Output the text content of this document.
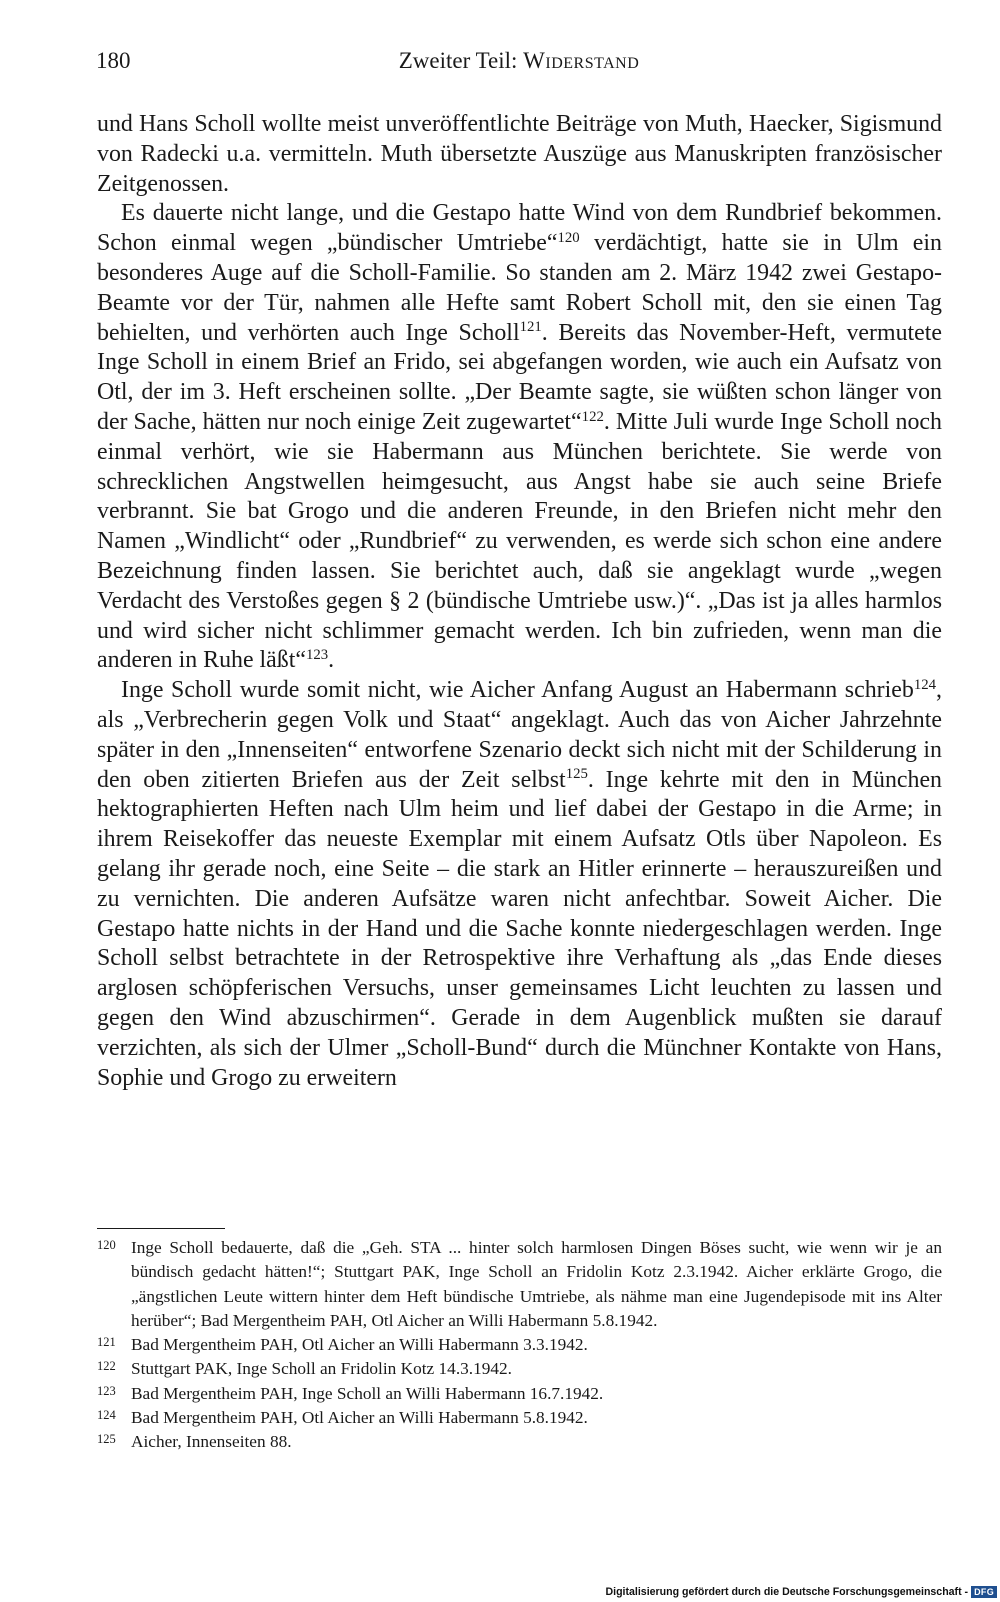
180	Zweiter Teil: Widerstand

und Hans Scholl wollte meist unveröffentlichte Beiträge von Muth, Haecker, Sigismund von Radecki u.a. vermitteln. Muth übersetzte Auszüge aus Manuskripten französischer Zeitgenossen.

Es dauerte nicht lange, und die Gestapo hatte Wind von dem Rundbrief bekommen. Schon einmal wegen „bündischer Umtriebe“$^{120}$ verdächtigt, hatte sie in Ulm ein besonderes Auge auf die Scholl-Familie. So standen am 2. März 1942 zwei Gestapo-Beamte vor der Tür, nahmen alle Hefte samt Robert Scholl mit, den sie einen Tag behielten, und verhörten auch Inge Scholl$^{121}$. Bereits das November-Heft, vermutete Inge Scholl in einem Brief an Frido, sei abgefangen worden, wie auch ein Aufsatz von Otl, der im 3. Heft erscheinen sollte. „Der Beamte sagte, sie wüßten schon länger von der Sache, hätten nur noch einige Zeit zugewartet“$^{122}$. Mitte Juli wurde Inge Scholl noch einmal verhört, wie sie Habermann aus München berichtete. Sie werde von schrecklichen Angstwellen heimgesucht, aus Angst habe sie auch seine Briefe verbrannt. Sie bat Grogo und die anderen Freunde, in den Briefen nicht mehr den Namen „Windlicht“ oder „Rundbrief“ zu verwenden, es werde sich schon eine andere Bezeichnung finden lassen. Sie berichtet auch, daß sie angeklagt wurde „wegen Verdacht des Verstoßes gegen § 2 (bündische Umtriebe usw.)“. „Das ist ja alles harmlos und wird sicher nicht schlimmer gemacht werden. Ich bin zufrieden, wenn man die anderen in Ruhe läßt“$^{123}$.

Inge Scholl wurde somit nicht, wie Aicher Anfang August an Habermann schrieb$^{124}$, als „Verbrecherin gegen Volk und Staat“ angeklagt. Auch das von Aicher Jahrzehnte später in den „Innenseiten“ entworfene Szenario deckt sich nicht mit der Schilderung in den oben zitierten Briefen aus der Zeit selbst$^{125}$. Inge kehrte mit den in München hektographierten Heften nach Ulm heim und lief dabei der Gestapo in die Arme; in ihrem Reisekoffer das neueste Exemplar mit einem Aufsatz Otls über Napoleon. Es gelang ihr gerade noch, eine Seite – die stark an Hitler erinnerte – herauszureißen und zu vernichten. Die anderen Aufsätze waren nicht anfechtbar. Soweit Aicher. Die Gestapo hatte nichts in der Hand und die Sache konnte niedergeschlagen werden. Inge Scholl selbst betrachtete in der Retrospektive ihre Verhaftung als „das Ende dieses arglosen schöpferischen Versuchs, unser gemeinsames Licht leuchten zu lassen und gegen den Wind abzuschirmen“. Gerade in dem Augenblick mußten sie darauf verzichten, als sich der Ulmer „Scholl-Bund“ durch die Münchner Kontakte von Hans, Sophie und Grogo zu erweitern

120 Inge Scholl bedauerte, daß die „Geh. STA ... hinter solch harmlosen Dingen Böses sucht, wie wenn wir je an bündisch gedacht hätten!“; Stuttgart PAK, Inge Scholl an Fridolin Kotz 2.3.1942. Aicher erklärte Grogo, die „ängstlichen Leute wittern hinter dem Heft bündische Umtriebe, als nähme man eine Jugendepisode mit ins Alter herüber“; Bad Mergentheim PAH, Otl Aicher an Willi Habermann 5.8.1942.
121 Bad Mergentheim PAH, Otl Aicher an Willi Habermann 3.3.1942.
122 Stuttgart PAK, Inge Scholl an Fridolin Kotz 14.3.1942.
123 Bad Mergentheim PAH, Inge Scholl an Willi Habermann 16.7.1942.
124 Bad Mergentheim PAH, Otl Aicher an Willi Habermann 5.8.1942.
125 Aicher, Innenseiten 88.
Digitalisierung gefördert durch die Deutsche Forschungsgemeinschaft - DFG
